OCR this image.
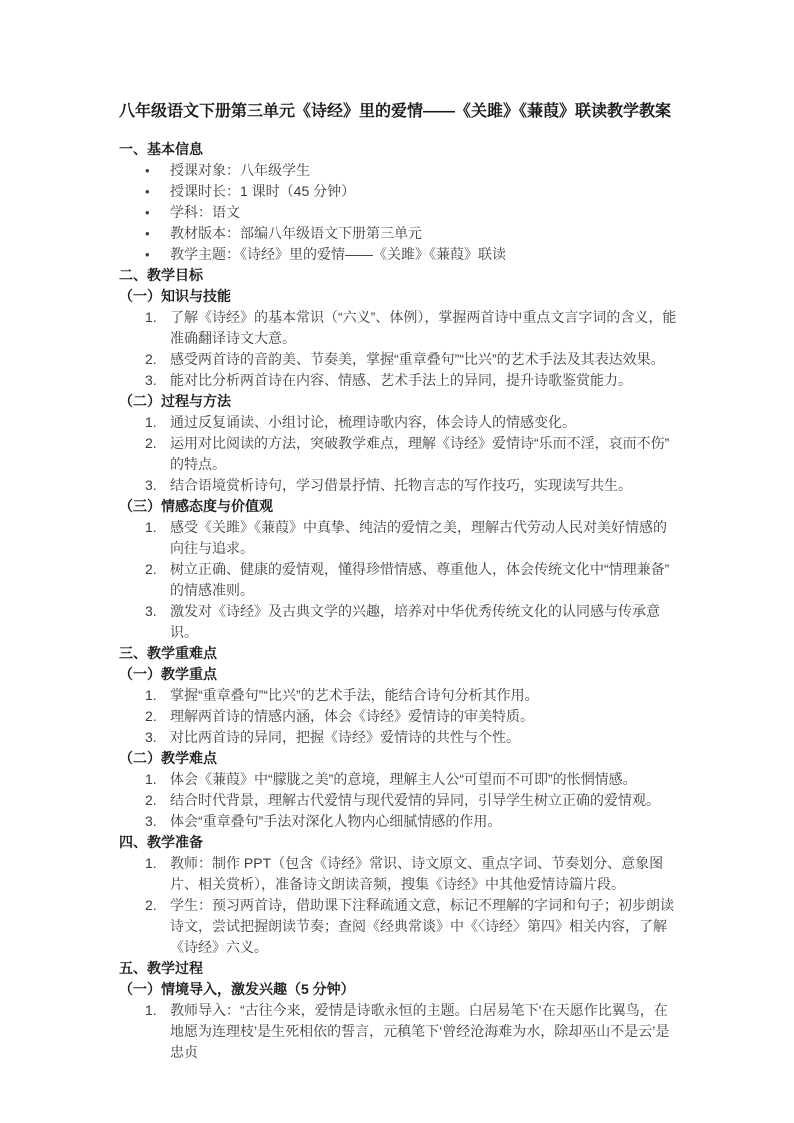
八年级语文下册第三单元《诗经》里的爱情——《关雎》《蒹葭》联读教学教案
一、基本信息
• 授课对象：八年级学生
• 授课时长：1 课时（45 分钟）
• 学科：语文
• 教材版本：部编八年级语文下册第三单元
• 教学主题：《诗经》里的爱情——《关雎》《蒹葭》联读
二、教学目标
（一）知识与技能
1. 了解《诗经》的基本常识（“六义”、体例），掌握两首诗中重点文言字词的含义，能准确翻译诗文大意。
2. 感受两首诗的音韵美、节奏美，掌握“重章叠句”“比兴”的艺术手法及其表达效果。
3. 能对比分析两首诗在内容、情感、艺术手法上的异同，提升诗歌鉴赏能力。
（二）过程与方法
1. 通过反复诵读、小组讨论，梳理诗歌内容，体会诗人的情感变化。
2. 运用对比阅读的方法，突破教学难点，理解《诗经》爱情诗“乐而不淫，哀而不伤”的特点。
3. 结合语境赏析诗句，学习借景抒情、托物言志的写作技巧，实现读写共生。
（三）情感态度与价值观
1. 感受《关雎》《蒹葭》中真挚、纯洁的爱情之美，理解古代劳动人民对美好情感的向往与追求。
2. 树立正确、健康的爱情观，懂得珍惜情感、尊重他人，体会传统文化中“情理兼备”的情感准则。
3. 激发对《诗经》及古典文学的兴趣，培养对中华优秀传统文化的认同感与传承意识。
三、教学重难点
（一）教学重点
1. 掌握“重章叠句”“比兴”的艺术手法，能结合诗句分析其作用。
2. 理解两首诗的情感内涵，体会《诗经》爱情诗的审美特质。
3. 对比两首诗的异同，把握《诗经》爱情诗的共性与个性。
（二）教学难点
1. 体会《蒹葭》中“朦胧之美”的意境，理解主人公“可望而不可即”的怅惘情感。
2. 结合时代背景，理解古代爱情与现代爱情的异同，引导学生树立正确的爱情观。
3. 体会“重章叠句”手法对深化人物内心细腻情感的作用。
四、教学准备
1. 教师：制作 PPT（包含《诗经》常识、诗文原文、重点字词、节奏划分、意象图片、相关赏析），准备诗文朗读音频，搜集《诗经》中其他爱情诗篇片段。
2. 学生：预习两首诗，借助课下注释疏通文意，标记不理解的字词和句子；初步朗读诗文，尝试把握朗读节奏；查阅《经典常谈》中《〈诗经〉第四》相关内容，了解《诗经》六义。
五、教学过程
（一）情境导入，激发兴趣（5 分钟）
1. 教师导入：“古往今来，爱情是诗歌永恒的主题。白居易笔下‘在天愿作比翼鸟，在地愿为连理枝’是生死相依的誓言，元稹笔下‘曾经沧海难为水，除却巫山不是云’是忠贞
